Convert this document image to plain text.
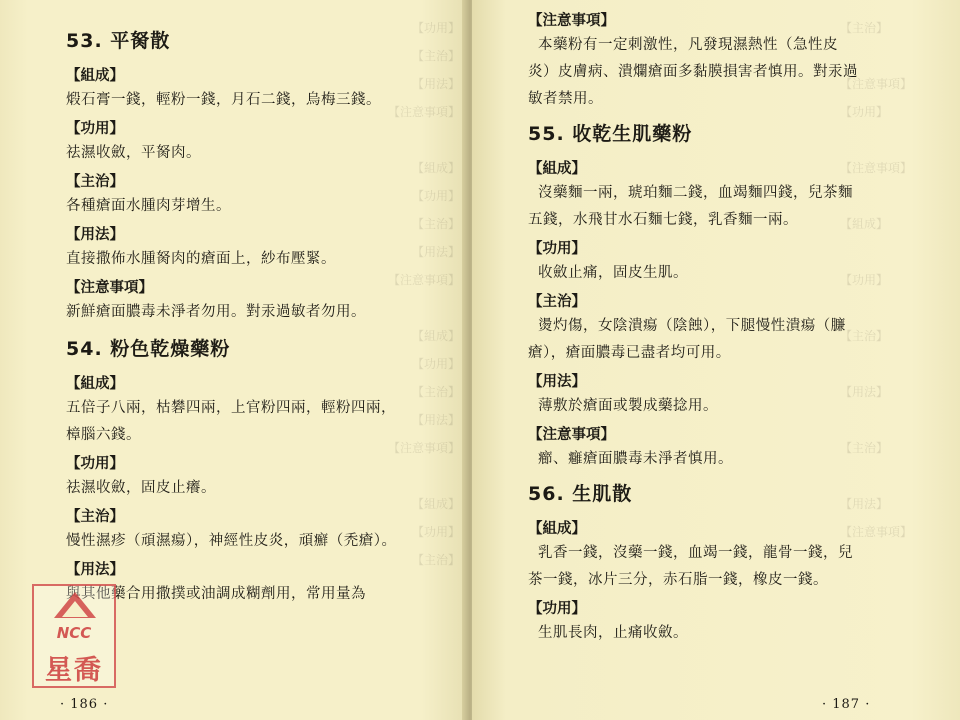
【功用】
【主治】
【用法】
【注意事項】

【組成】
【功用】
【主治】
【用法】
【注意事項】

【組成】
【功用】
【主治】
【用法】
【注意事項】

【組成】
【功用】
【主治】
53. 平胬散

【組成】

煅石膏一錢，輕粉一錢，月石二錢，烏梅三錢。

【功用】

祛濕收斂，平胬肉。

【主治】

各種瘡面水腫肉芽增生。

【用法】

直接撒佈水腫胬肉的瘡面上，紗布壓緊。

【注意事項】

新鮮瘡面膿毒未淨者勿用。對汞過敏者勿用。

54. 粉色乾燥藥粉

【組成】

五倍子八兩，枯礬四兩，上官粉四兩，輕粉四兩，樟腦六錢。

【功用】

祛濕收斂，固皮止癢。

【主治】

慢性濕疹（頑濕瘍），神經性皮炎，頑癬（禿瘡）。

【用法】

與其他藥合用撒撲或油調成糊劑用，常用量為

· 186 ·
【主治】

【注意事項】
【功用】

【注意事項】

【組成】

【功用】

【主治】

【用法】

【主治】

【用法】
【注意事項】

【注意事項】

本藥粉有一定刺激性，凡發現濕熱性（急性皮炎）皮膚病、潰爛瘡面多黏膜損害者慎用。對汞過敏者禁用。

55. 收乾生肌藥粉

【組成】

沒藥麵一兩，琥珀麵二錢，血竭麵四錢，兒茶麵五錢，水飛甘水石麵七錢，乳香麵一兩。

【功用】

收斂止痛，固皮生肌。

【主治】

燙灼傷，女陰潰瘍（陰蝕），下腿慢性潰瘍（臁瘡），瘡面膿毒已盡者均可用。

【用法】

薄敷於瘡面或製成藥捻用。

【注意事項】

癤、癰瘡面膿毒未淨者慎用。

56. 生肌散

【組成】

乳香一錢，沒藥一錢，血竭一錢，龍骨一錢，兒茶一錢，冰片三分，赤石脂一錢，橡皮一錢。

【功用】

生肌長肉，止痛收斂。

· 187 ·
NCC
星喬
